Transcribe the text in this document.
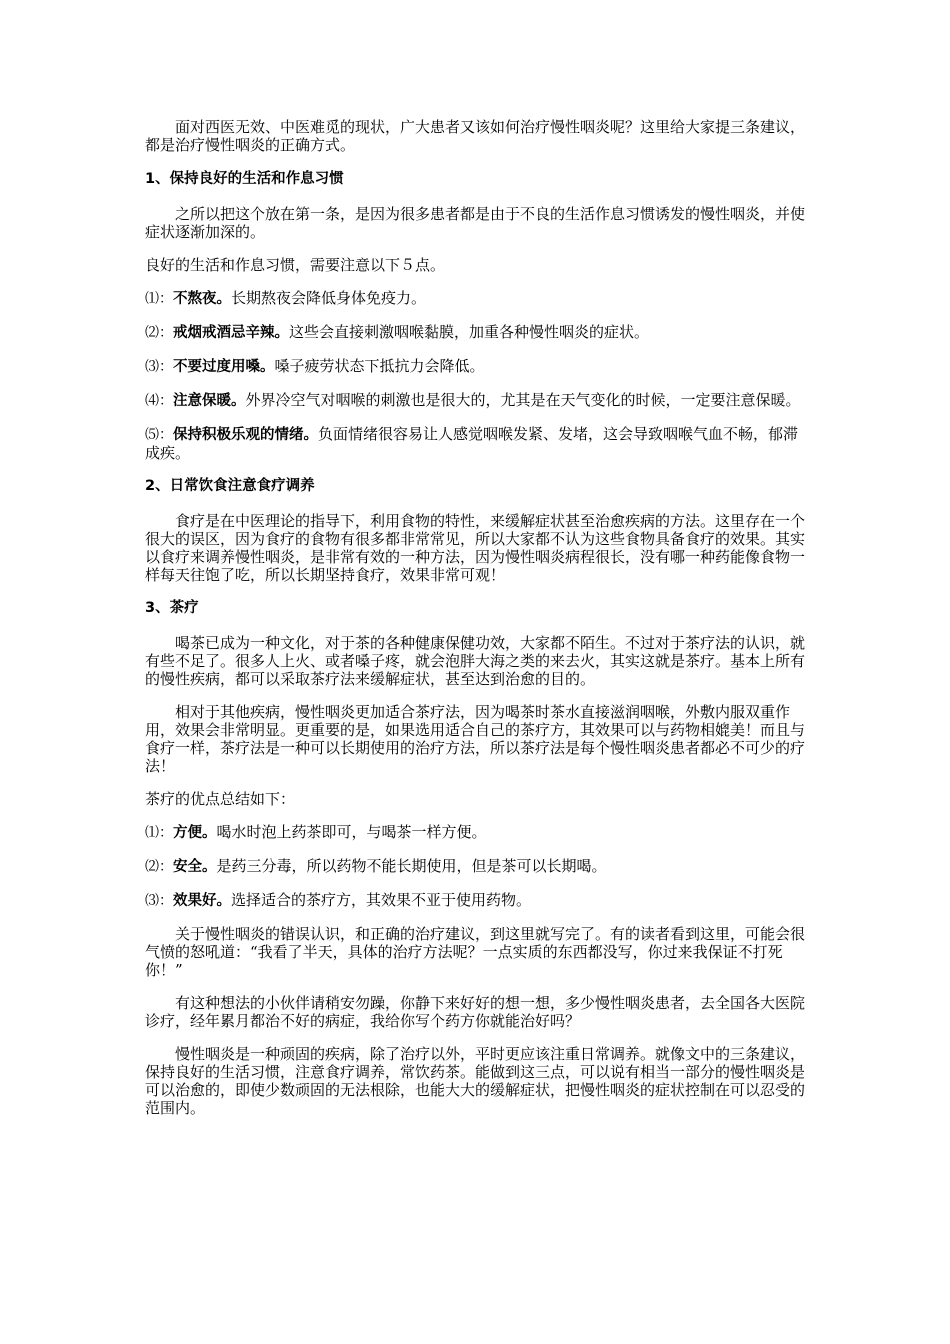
面对西医无效、中医难觅的现状，广大患者又该如何治疗慢性咽炎呢？这里给大家提三条建议，都是治疗慢性咽炎的正确方式。

1、保持良好的生活和作息习惯

之所以把这个放在第一条，是因为很多患者都是由于不良的生活作息习惯诱发的慢性咽炎，并使症状逐渐加深的。

良好的生活和作息习惯，需要注意以下５点。

⑴：不熬夜。长期熬夜会降低身体免疫力。

⑵：戒烟戒酒忌辛辣。这些会直接刺激咽喉黏膜，加重各种慢性咽炎的症状。

⑶：不要过度用嗓。嗓子疲劳状态下抵抗力会降低。

⑷：注意保暖。外界冷空气对咽喉的刺激也是很大的，尤其是在天气变化的时候，一定要注意保暖。

⑸：保持积极乐观的情绪。负面情绪很容易让人感觉咽喉发紧、发堵，这会导致咽喉气血不畅，郁滞成疾。

2、日常饮食注意食疗调养

食疗是在中医理论的指导下，利用食物的特性，来缓解症状甚至治愈疾病的方法。这里存在一个很大的误区，因为食疗的食物有很多都非常常见，所以大家都不认为这些食物具备食疗的效果。其实以食疗来调养慢性咽炎，是非常有效的一种方法，因为慢性咽炎病程很长，没有哪一种药能像食物一样每天往饱了吃，所以长期坚持食疗，效果非常可观！

3、茶疗

喝茶已成为一种文化，对于茶的各种健康保健功效，大家都不陌生。不过对于茶疗法的认识，就有些不足了。很多人上火、或者嗓子疼，就会泡胖大海之类的来去火，其实这就是茶疗。基本上所有的慢性疾病，都可以采取茶疗法来缓解症状，甚至达到治愈的目的。

相对于其他疾病，慢性咽炎更加适合茶疗法，因为喝茶时茶水直接滋润咽喉，外敷内服双重作用，效果会非常明显。更重要的是，如果选用适合自己的茶疗方，其效果可以与药物相媲美！而且与食疗一样，茶疗法是一种可以长期使用的治疗方法，所以茶疗法是每个慢性咽炎患者都必不可少的疗法！

茶疗的优点总结如下：

⑴：方便。喝水时泡上药茶即可，与喝茶一样方便。

⑵：安全。是药三分毒，所以药物不能长期使用，但是茶可以长期喝。

⑶：效果好。选择适合的茶疗方，其效果不亚于使用药物。

关于慢性咽炎的错误认识，和正确的治疗建议，到这里就写完了。有的读者看到这里，可能会很气愤的怒吼道：“我看了半天，具体的治疗方法呢？一点实质的东西都没写，你过来我保证不打死你！”

有这种想法的小伙伴请稍安勿躁，你静下来好好的想一想，多少慢性咽炎患者，去全国各大医院诊疗，经年累月都治不好的病症，我给你写个药方你就能治好吗？

慢性咽炎是一种顽固的疾病，除了治疗以外，平时更应该注重日常调养。就像文中的三条建议，保持良好的生活习惯，注意食疗调养，常饮药茶。能做到这三点，可以说有相当一部分的慢性咽炎是可以治愈的，即使少数顽固的无法根除，也能大大的缓解症状，把慢性咽炎的症状控制在可以忍受的范围内。
